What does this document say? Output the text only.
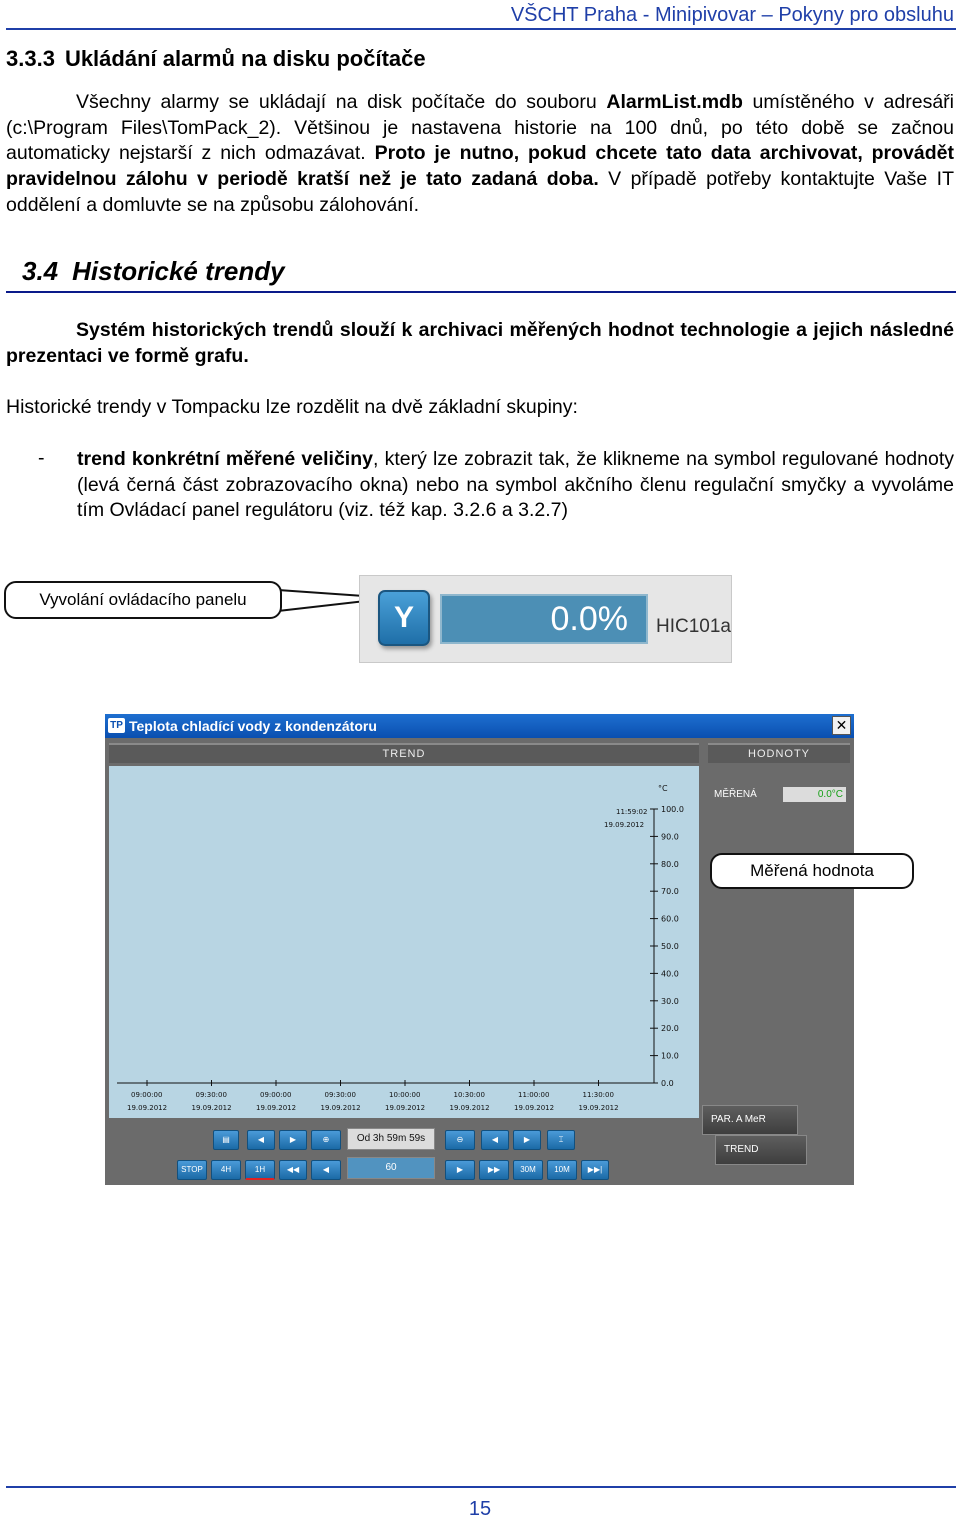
VŠCHT Praha - Minipivovar – Pokyny pro obsluhu
3.3.3 Ukládání alarmů na disku počítače
Všechny alarmy se ukládají na disk počítače do souboru AlarmList.mdb umístěného v adresáři (c:\Program Files\TomPack_2). Většinou je nastavena historie na 100 dnů, po této době se začnou automaticky nejstarší z nich odmazávat. Proto je nutno, pokud chcete tato data archivovat, provádět pravidelnou zálohu v periodě kratší než je tato zadaná doba. V případě potřeby kontaktujte Vaše IT oddělení a domluvte se na způsobu zálohování.
3.4 Historické trendy
Systém historických trendů slouží k archivaci měřených hodnot technologie a jejich následné prezentaci ve formě grafu.
Historické trendy v Tompacku lze rozdělit na dvě základní skupiny:
- trend konkrétní měřené veličiny, který lze zobrazit tak, že klikneme na symbol regulované hodnoty (levá černá část zobrazovacího okna) nebo na symbol akčního členu regulační smyčky a vyvoláme tím Ovládací panel regulátoru (viz. též kap. 3.2.6 a 3.2.7)
Vyvolání ovládacího panelu
Y	0.0%	HIC101a
Teplota chladící vody z kondenzátoru
TP	✕
TREND	HODNOTY
MĚŘENÁ	0.0°C
°C
11:59:02
19.09.2012
100.0
90.0
80.0
70.0
60.0
50.0
40.0
30.0
20.0
10.0
0.0
09:00:00
19.09.2012
09:30:00
19.09.2012
09:00:00
19.09.2012
09:30:00
19.09.2012
10:00:00
19.09.2012
10:30:00
19.09.2012
11:00:00
19.09.2012
11:30:00
19.09.2012
▤	◀	▶	⊕	Od 3h 59m 59s	⊖	◀	▶	⌶
STOP	4H	1H	◀◀	◀	60	▶	▶▶	30M	10M	▶▶|
PAR. A MeR
TREND
Měřená hodnota
15
